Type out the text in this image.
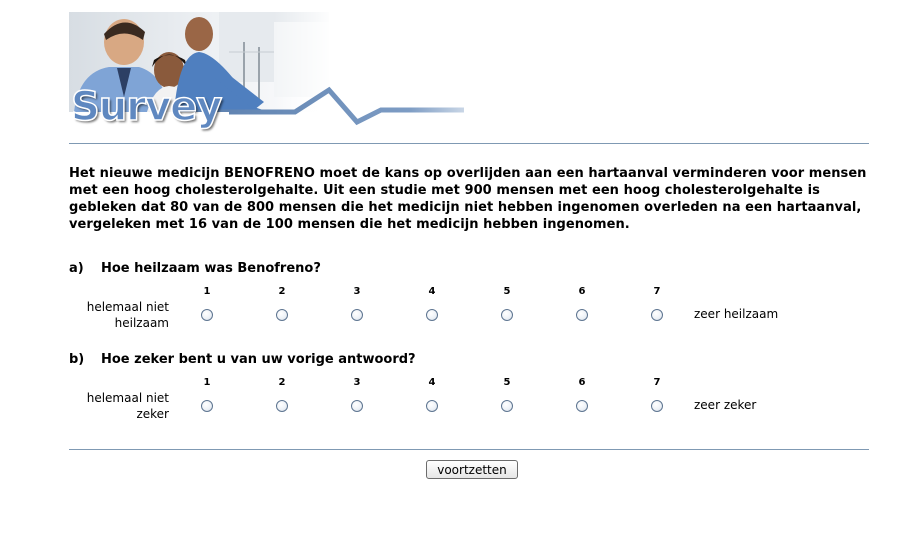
Survey
Het nieuwe medicijn BENOFRENO moet de kans op overlijden aan een hartaanval verminderen voor mensen met een hoog cholesterolgehalte. Uit een studie met 900 mensen met een hoog cholesterolgehalte is gebleken dat 80 van de 800 mensen die het medicijn niet hebben ingenomen overleden na een hartaanval, vergeleken met 16 van de 100 mensen die het medicijn hebben ingenomen.
a) Hoe heilzaam was Benofreno?
1	2	3	4	5	6	7
helemaal niet
heilzaam
zeer heilzaam
b) Hoe zeker bent u van uw vorige antwoord?
1	2	3	4	5	6	7
helemaal niet
zeker
zeer zeker
voortzetten
